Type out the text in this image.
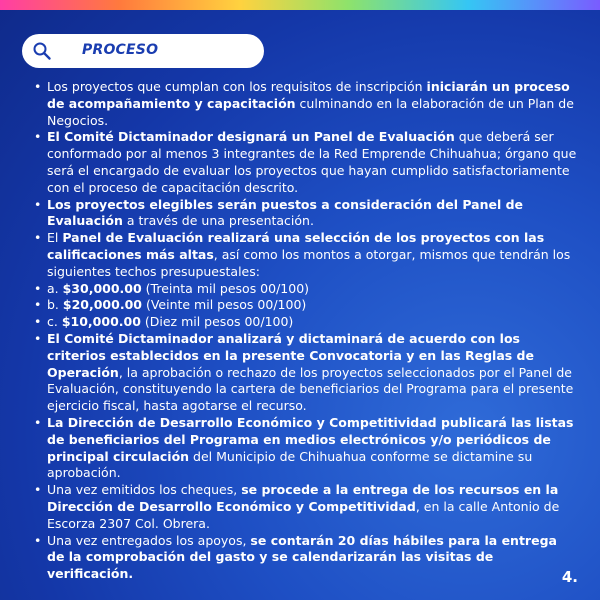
PROCESO
• Los proyectos que cumplan con los requisitos de inscripción iniciarán un proceso de acompañamiento y capacitación culminando en la elaboración de un Plan de Negocios.
• El Comité Dictaminador designará un Panel de Evaluación que deberá ser conformado por al menos 3 integrantes de la Red Emprende Chihuahua; órgano que será el encargado de evaluar los proyectos que hayan cumplido satisfactoriamente con el proceso de capacitación descrito.
• Los proyectos elegibles serán puestos a consideración del Panel de Evaluación a través de una presentación.
• El Panel de Evaluación realizará una selección de los proyectos con las calificaciones más altas, así como los montos a otorgar, mismos que tendrán los siguientes techos presupuestales:
• a. $30,000.00 (Treinta mil pesos 00/100)
• b. $20,000.00 (Veinte mil pesos 00/100)
• c. $10,000.00 (Diez mil pesos 00/100)
• El Comité Dictaminador analizará y dictaminará de acuerdo con los criterios establecidos en la presente Convocatoria y en las Reglas de Operación, la aprobación o rechazo de los proyectos seleccionados por el Panel de Evaluación, constituyendo la cartera de beneficiarios del Programa para el presente ejercicio fiscal, hasta agotarse el recurso.
• La Dirección de Desarrollo Económico y Competitividad publicará las listas de beneficiarios del Programa en medios electrónicos y/o periódicos de principal circulación del Municipio de Chihuahua conforme se dictamine su aprobación.
• Una vez emitidos los cheques, se procede a la entrega de los recursos en la Dirección de Desarrollo Económico y Competitividad, en la calle Antonio de Escorza 2307 Col. Obrera.
• Una vez entregados los apoyos, se contarán 20 días hábiles para la entrega de la comprobación del gasto y se calendarizarán las visitas de verificación.	4.
